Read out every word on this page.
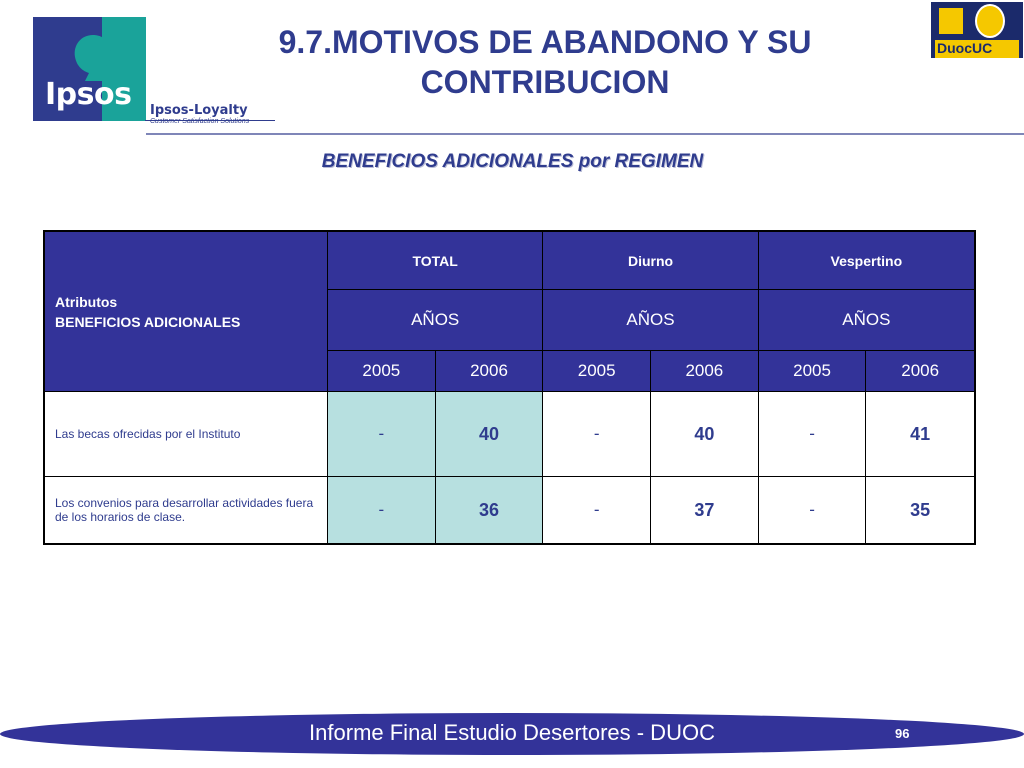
Ipsos Ipsos-Loyalty
Customer Satisfaction Solutions
DuocUC
9.7.MOTIVOS DE ABANDONO Y SU CONTRIBUCION
BENEFICIOS ADICIONALES por REGIMEN
Atributos
BENEFICIOS ADICIONALES	TOTAL		Diurno		Vespertino	
	AÑOS		AÑOS		AÑOS	
	2005	2006	2005	2006	2005	2006
Las becas ofrecidas por el Instituto	-	40	-	40	-	41
Los convenios para desarrollar actividades fuera de los horarios de clase.	-	36	-	37	-	35
Informe Final Estudio Desertores - DUOC	96
